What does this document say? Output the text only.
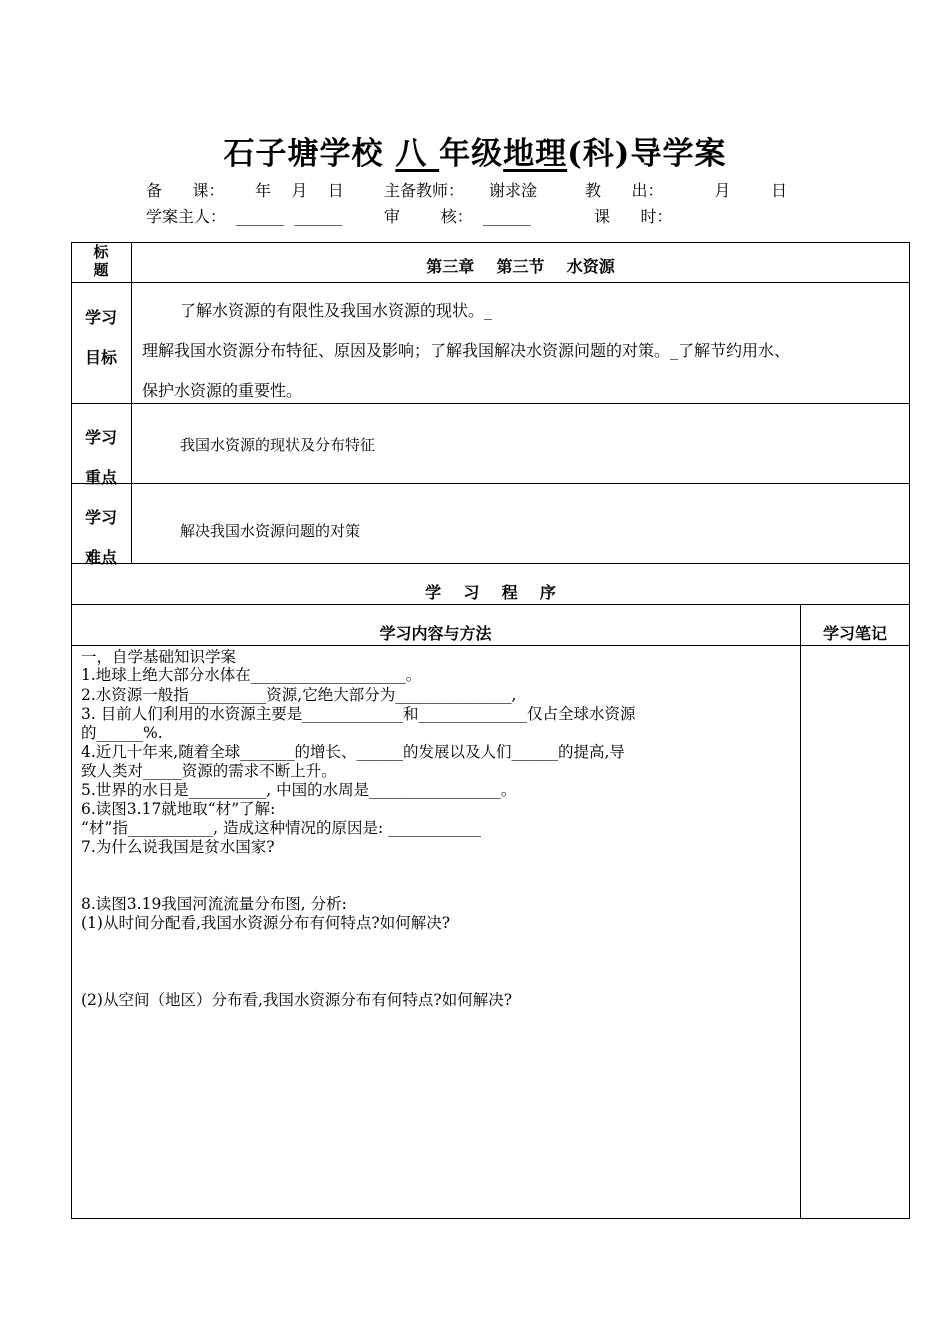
石子塘学校 八 年级地理(科)导学案
备      课：      年    月    日	主备教师： 谢求淦	教      出：          月        日
学案主人：  ______  ______	审        核：  ______	课      时：
标
题	第三章    第三节    水资源
学习
目标
了解水资源的有限性及我国水资源的现状。_
理解我国水资源分布特征、原因及影响；了解我国解决水资源问题的对策。_了解节约用水、
保护水资源的重要性。
学习
重点
我国水资源的现状及分布特征
学习
难点
解决我国水资源问题的对策
学    习    程    序
学习内容与方法	学习笔记
一，自学基础知识学案
1.地球上绝大部分水体在____________________。
2.水资源一般指__________资源,它绝大部分为_______________,
3. 目前人们利用的水资源主要是_____________和______________仅占全球水资源
的______%.
4.近几十年来,随着全球_______的增长、______的发展以及人们______的提高,导
致人类对_____资源的需求不断上升。
5.世界的水日是__________, 中国的水周是_________________。
6.读图3.17就地取“材”了解:
“材”指___________, 造成这种情况的原因是: ____________
7.为什么说我国是贫水国家?
8.读图3.19我国河流流量分布图, 分析:
(1)从时间分配看,我国水资源分布有何特点?如何解决?
(2)从空间（地区）分布看,我国水资源分布有何特点?如何解决?
